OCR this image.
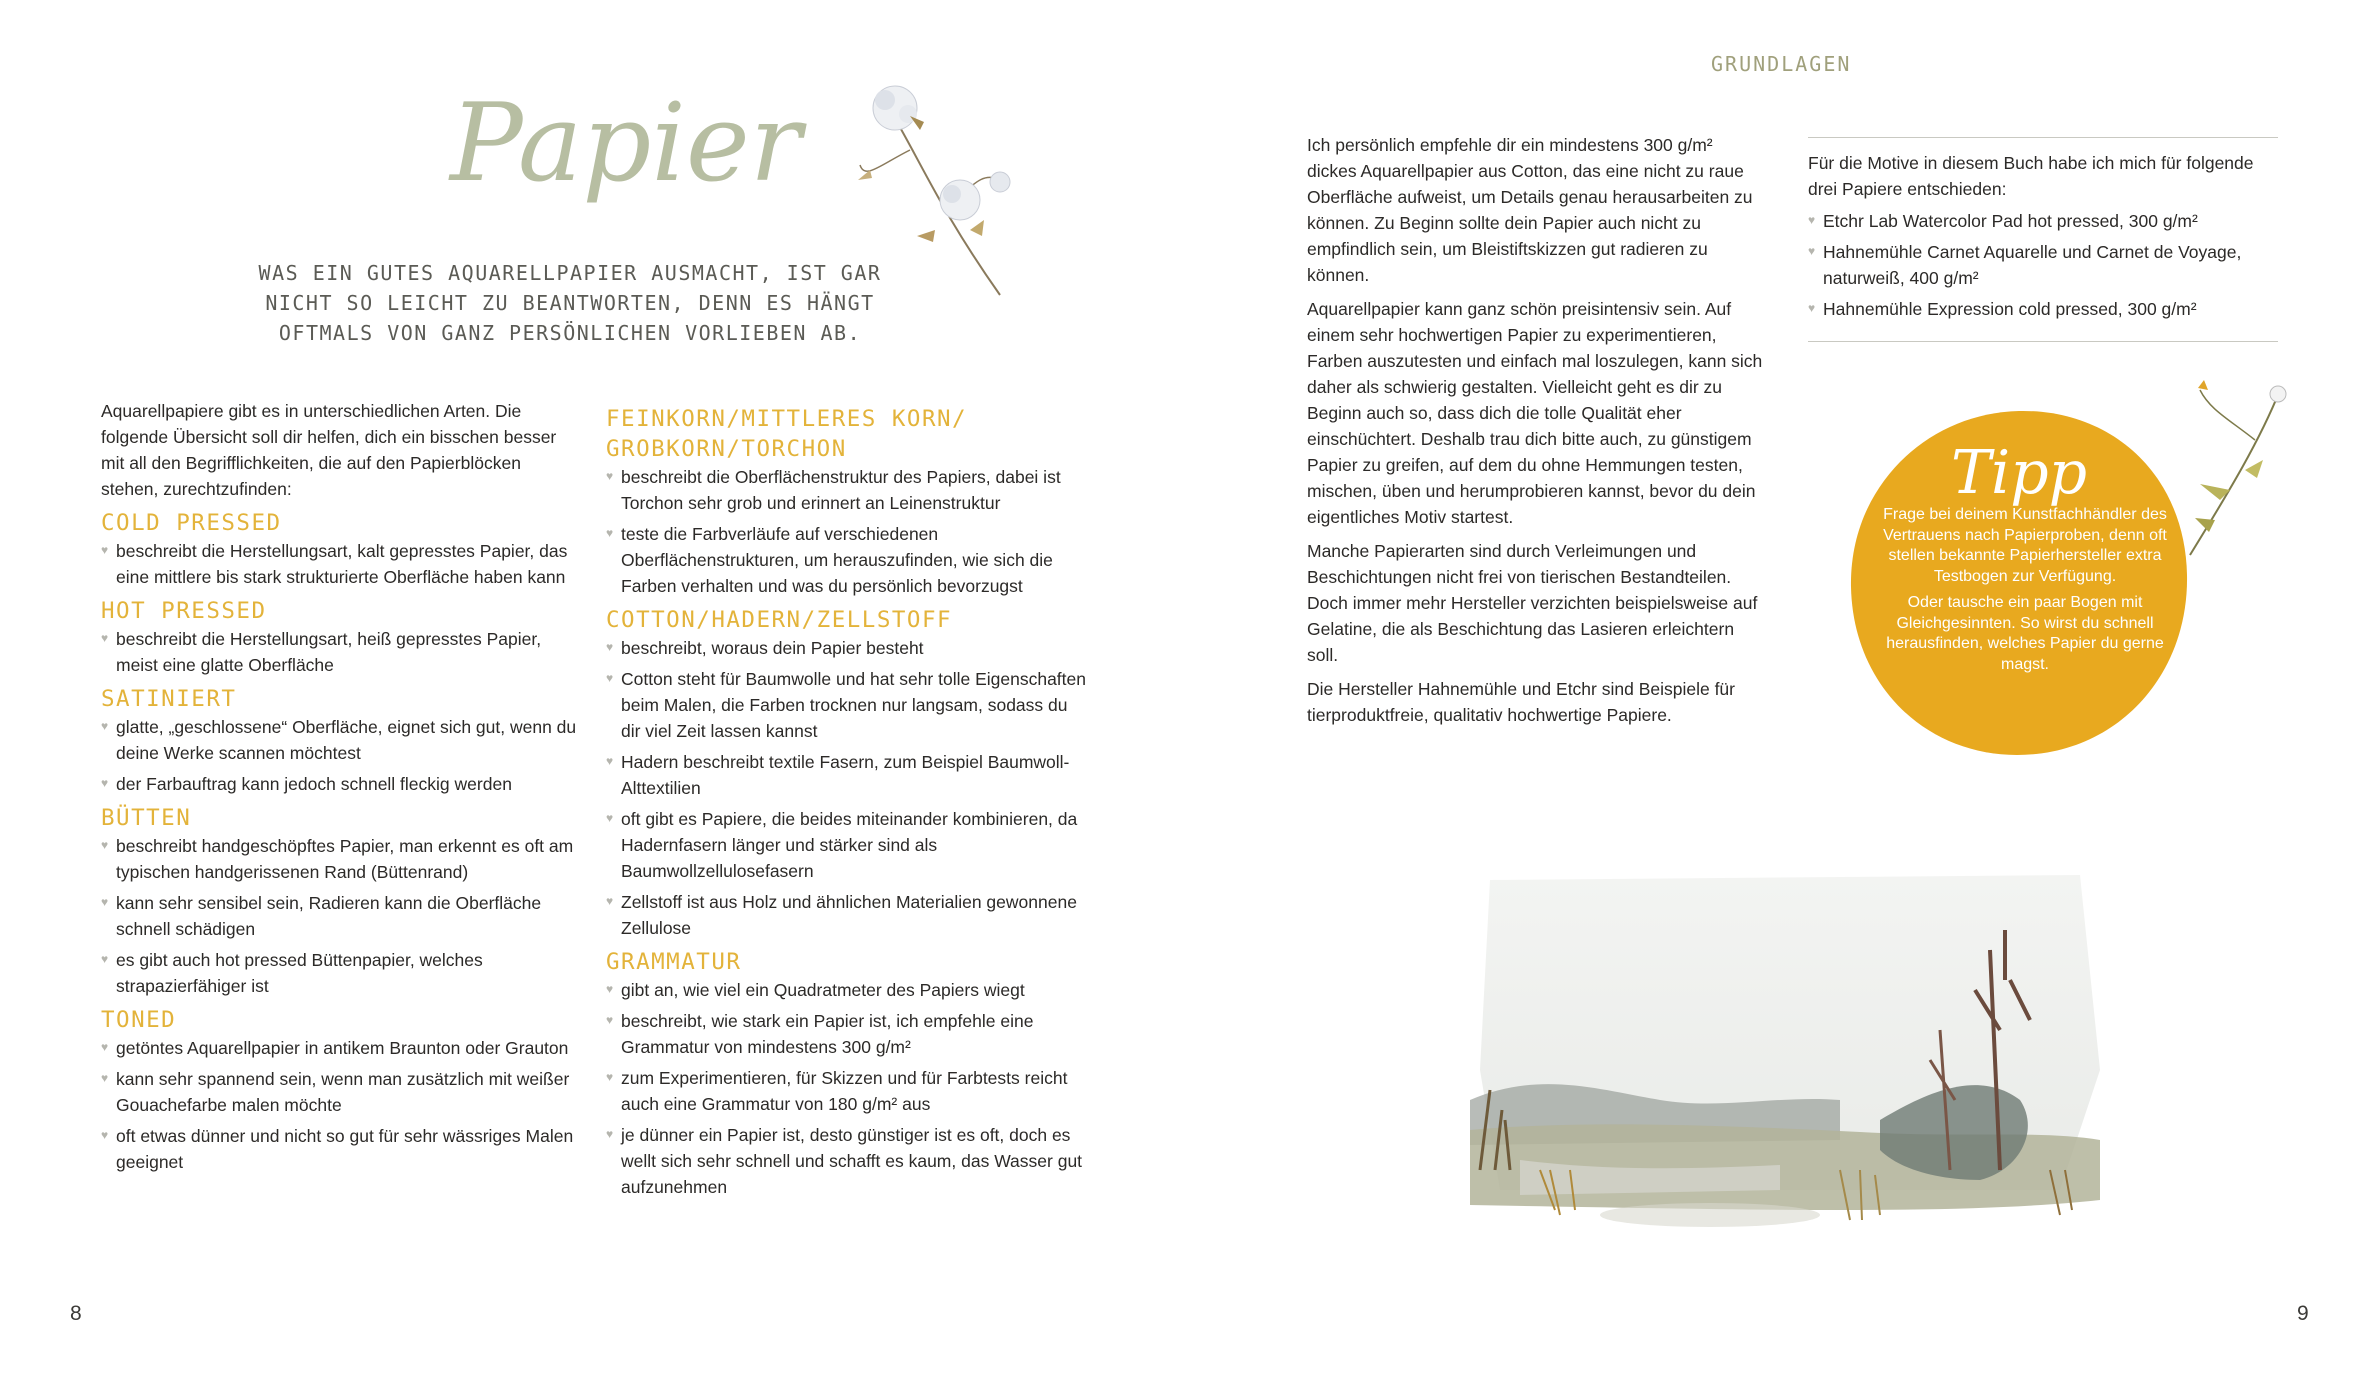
Papier

WAS EIN GUTES AQUARELLPAPIER AUSMACHT, IST GAR NICHT SO LEICHT ZU BEANTWORTEN, DENN ES HÄNGT OFTMALS VON GANZ PERSÖNLICHEN VORLIEBEN AB.

Aquarellpapiere gibt es in unterschiedlichen Arten. Die folgende Übersicht soll dir helfen, dich ein bisschen besser mit all den Begrifflichkeiten, die auf den Papierblöcken stehen, zurechtzufinden:

COLD PRESSED
♥ beschreibt die Herstellungsart, kalt gepresstes Papier, das eine mittlere bis stark strukturierte Oberfläche haben kann
HOT PRESSED
♥ beschreibt die Herstellungsart, heiß gepresstes Papier, meist eine glatte Oberfläche
SATINIERT
♥ glatte, „geschlossene“ Oberfläche, eignet sich gut, wenn du deine Werke scannen möchtest
♥ der Farbauftrag kann jedoch schnell fleckig werden
BÜTTEN
♥ beschreibt handgeschöpftes Papier, man erkennt es oft am typischen handgerissenen Rand (Büttenrand)
♥ kann sehr sensibel sein, Radieren kann die Oberfläche schnell schädigen
♥ es gibt auch hot pressed Büttenpapier, welches strapazierfähiger ist
TONED
♥ getöntes Aquarellpapier in antikem Braunton oder Grauton
♥ kann sehr spannend sein, wenn man zusätzlich mit weißer Gouachefarbe malen möchte
♥ oft etwas dünner und nicht so gut für sehr wässriges Malen geeignet
FEINKORN/MITTLERES KORN/ GROBKORN/TORCHON
♥ beschreibt die Oberflächenstruktur des Papiers, dabei ist Torchon sehr grob und erinnert an Leinenstruktur
♥ teste die Farbverläufe auf verschiedenen Oberflächenstrukturen, um herauszufinden, wie sich die Farben verhalten und was du persönlich bevorzugst
COTTON/HADERN/ZELLSTOFF
♥ beschreibt, woraus dein Papier besteht
♥ Cotton steht für Baumwolle und hat sehr tolle Eigenschaften beim Malen, die Farben trocknen nur langsam, sodass du dir viel Zeit lassen kannst
♥ Hadern beschreibt textile Fasern, zum Beispiel Baumwoll-Alttextilien
♥ oft gibt es Papiere, die beides miteinander kombinieren, da Hadernfasern länger und stärker sind als Baumwollzellulosefasern
♥ Zellstoff ist aus Holz und ähnlichen Materialien gewonnene Zellulose
GRAMMATUR
♥ gibt an, wie viel ein Quadratmeter des Papiers wiegt
♥ beschreibt, wie stark ein Papier ist, ich empfehle eine Grammatur von mindestens 300 g/m²
♥ zum Experimentieren, für Skizzen und für Farbtests reicht auch eine Grammatur von 180 g/m² aus
♥ je dünner ein Papier ist, desto günstiger ist es oft, doch es wellt sich sehr schnell und schafft es kaum, das Wasser gut aufzunehmen
8
GRUNDLAGEN

Ich persönlich empfehle dir ein mindestens 300 g/m² dickes Aquarellpapier aus Cotton, das eine nicht zu raue Oberfläche aufweist, um Details genau herausarbeiten zu können. Zu Beginn sollte dein Papier auch nicht zu empfindlich sein, um Bleistiftskizzen gut radieren zu können.

Aquarellpapier kann ganz schön preisintensiv sein. Auf einem sehr hochwertigen Papier zu experimentieren, Farben auszutesten und einfach mal loszulegen, kann sich daher als schwierig gestalten. Vielleicht geht es dir zu Beginn auch so, dass dich die tolle Qualität eher einschüchtert. Deshalb trau dich bitte auch, zu günstigem Papier zu greifen, auf dem du ohne Hemmungen testen, mischen, üben und herumprobieren kannst, bevor du dein eigentliches Motiv startest.

Manche Papierarten sind durch Verleimungen und Beschichtungen nicht frei von tierischen Bestandteilen. Doch immer mehr Hersteller verzichten beispielsweise auf Gelatine, die als Beschichtung das Lasieren erleichtern soll.

Die Hersteller Hahnemühle und Etchr sind Beispiele für tierproduktfreie, qualitativ hochwertige Papiere.

Für die Motive in diesem Buch habe ich mich für folgende drei Papiere entschieden:

♥ Etchr Lab Watercolor Pad hot pressed, 300 g/m²
♥ Hahnemühle Carnet Aquarelle und Carnet de Voyage, naturweiß, 400 g/m²
♥ Hahnemühle Expression cold pressed, 300 g/m²
Tipp

Frage bei deinem Kunstfachhändler des Vertrauens nach Papierproben, denn oft stellen bekannte Papierhersteller extra Testbogen zur Verfügung.

Oder tausche ein paar Bogen mit Gleichgesinnten. So wirst du schnell herausfinden, welches Papier du gerne magst.

9
